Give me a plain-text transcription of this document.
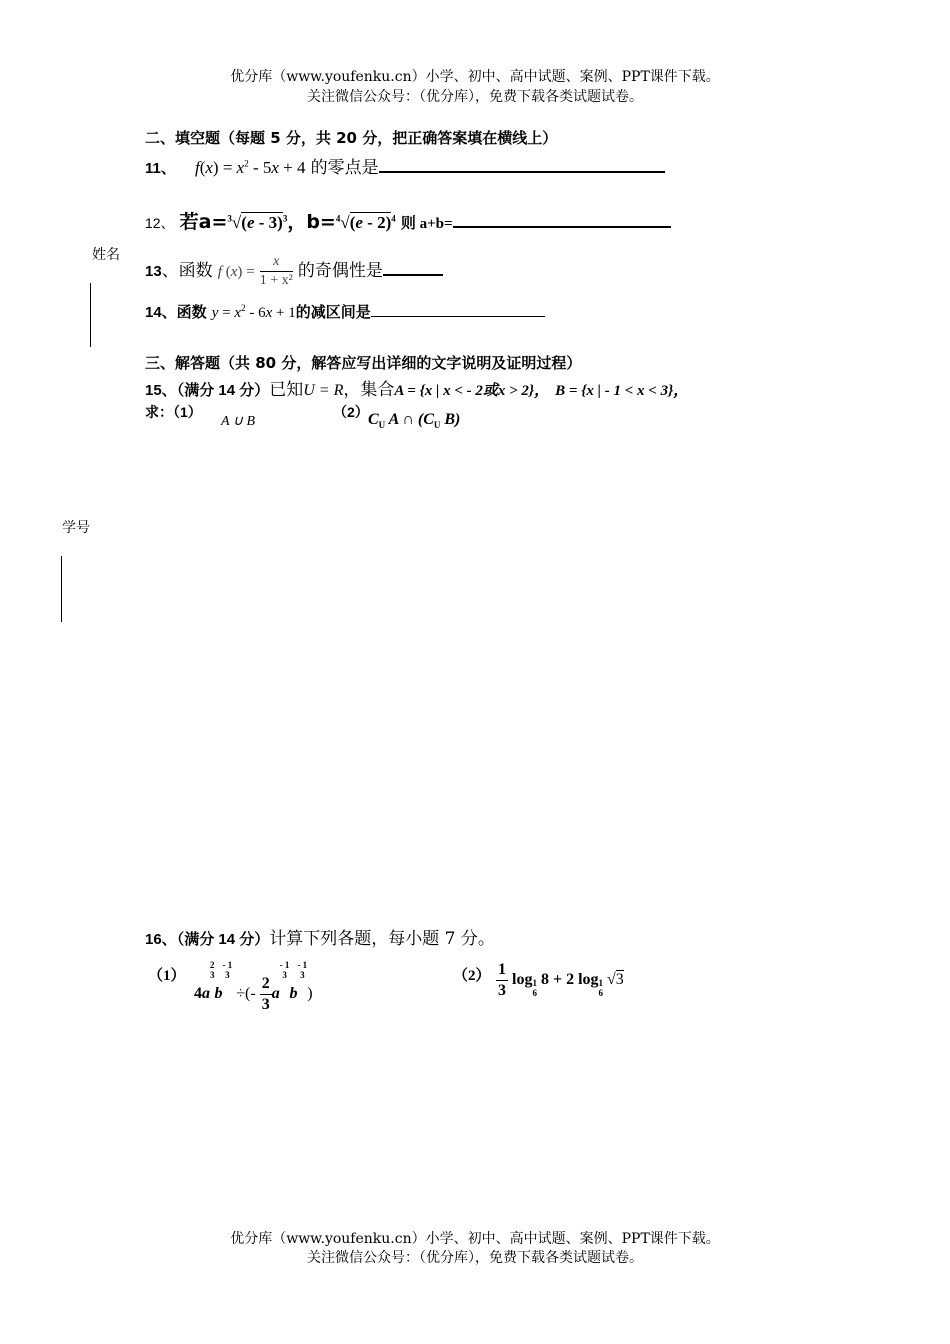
优分库（www.youfenku.cn）小学、初中、高中试题、案例、PPT课件下载。
关注微信公众号：（优分库），免费下载各类试题试卷。
姓名
学号
二、填空题（每题 5 分，共 20 分，把正确答案填在横线上）
11、 $f(x) = x^2 - 5x + 4$ 的零点是
12、 若a=$^3$√(e - 3)$^3$，b=$^4$√(e - 2)$^4$ 则 a+b=
13、函数 f $(x) = \frac{x}{\text{1 + x²}}$ 的奇偶性是
14、函数 $y = x^2 - 6x + 1$的减区间是
三、解答题（共 80 分，解答应写出详细的文字说明及证明过程）
15、（满分 14 分）已知U = R，集合A = {x | x < - 2或x > 2}， B = {x | - 1 < x < 3}，
求：（1）
A ∪ B
（2） $C_U$ A ∩ ($C_U$ B)
16、（满分 14 分）计算下列各题，每小题 7 分。
（1）
4a2
3b- 1
3 ÷(- $\frac{2}{3} a-$ 1
3b- 1
3)
$(2) \frac{1}{3} \log 1$
6 8 + 2 log1
6 √3
优分库（www.youfenku.cn）小学、初中、高中试题、案例、PPT课件下载。
关注微信公众号：（优分库），免费下载各类试题试卷。
